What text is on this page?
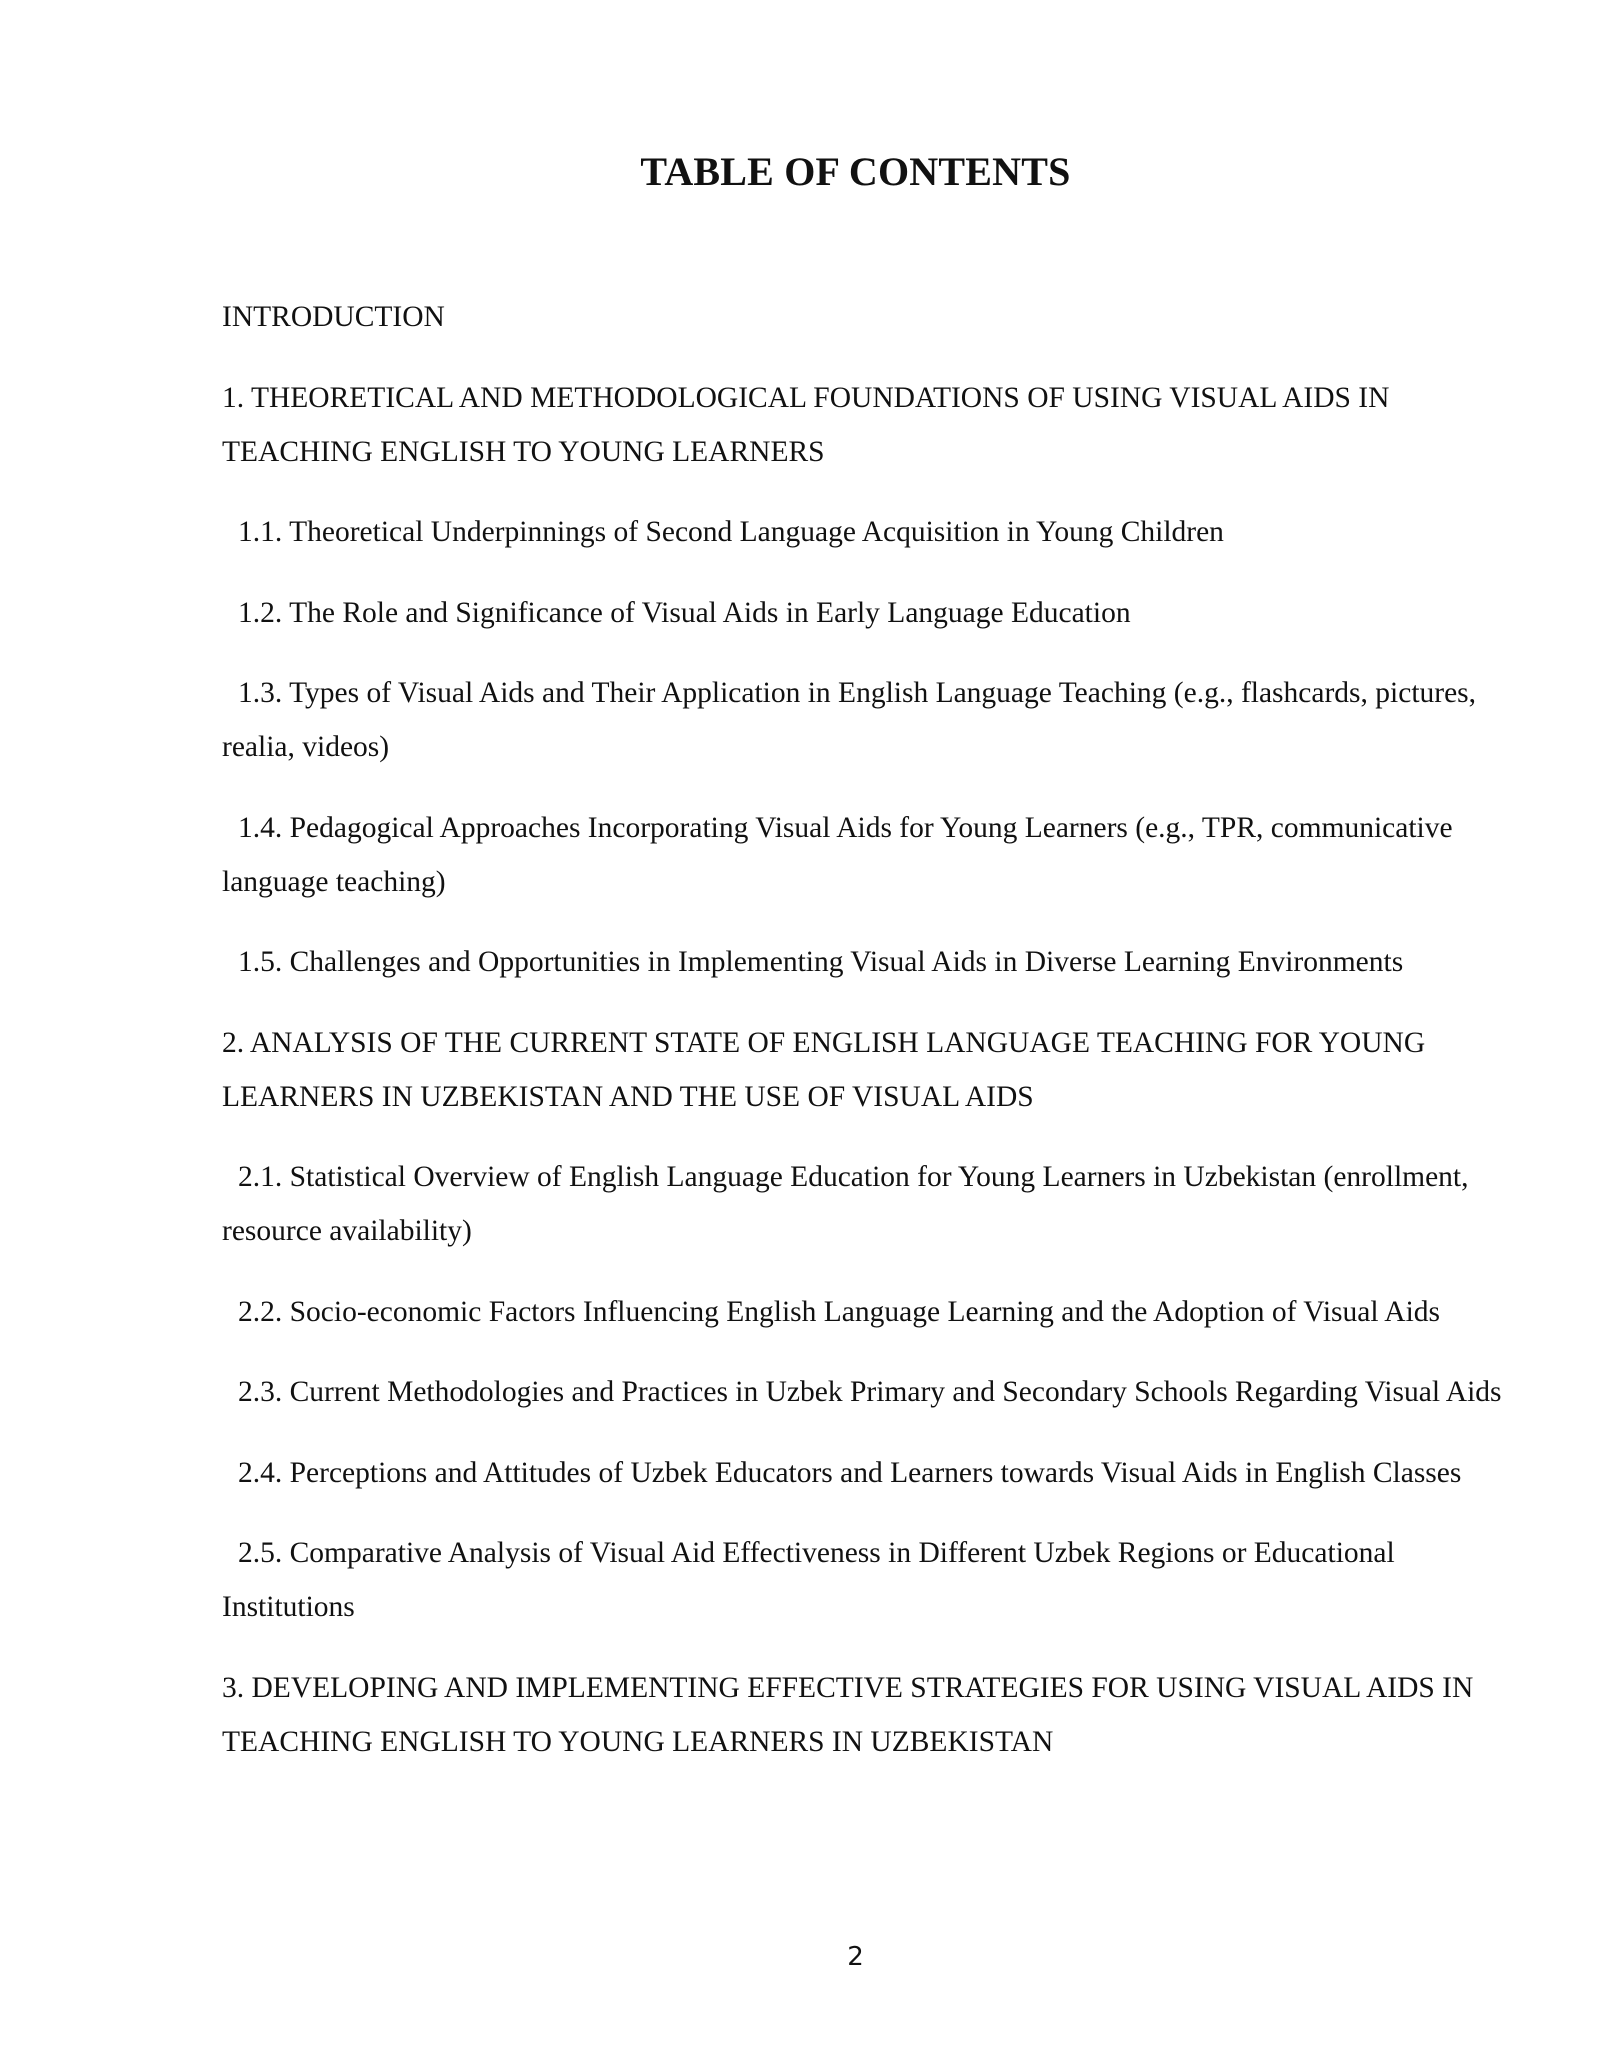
TABLE OF CONTENTS
INTRODUCTION
1. THEORETICAL AND METHODOLOGICAL FOUNDATIONS OF USING VISUAL AIDS IN TEACHING ENGLISH TO YOUNG LEARNERS
1.1. Theoretical Underpinnings of Second Language Acquisition in Young Children
1.2. The Role and Significance of Visual Aids in Early Language Education
1.3. Types of Visual Aids and Their Application in English Language Teaching (e.g., flashcards, pictures, realia, videos)
1.4. Pedagogical Approaches Incorporating Visual Aids for Young Learners (e.g., TPR, communicative language teaching)
1.5. Challenges and Opportunities in Implementing Visual Aids in Diverse Learning Environments
2. ANALYSIS OF THE CURRENT STATE OF ENGLISH LANGUAGE TEACHING FOR YOUNG LEARNERS IN UZBEKISTAN AND THE USE OF VISUAL AIDS
2.1. Statistical Overview of English Language Education for Young Learners in Uzbekistan (enrollment, resource availability)
2.2. Socio-economic Factors Influencing English Language Learning and the Adoption of Visual Aids
2.3. Current Methodologies and Practices in Uzbek Primary and Secondary Schools Regarding Visual Aids
2.4. Perceptions and Attitudes of Uzbek Educators and Learners towards Visual Aids in English Classes
2.5. Comparative Analysis of Visual Aid Effectiveness in Different Uzbek Regions or Educational Institutions
3. DEVELOPING AND IMPLEMENTING EFFECTIVE STRATEGIES FOR USING VISUAL AIDS IN TEACHING ENGLISH TO YOUNG LEARNERS IN UZBEKISTAN

2
